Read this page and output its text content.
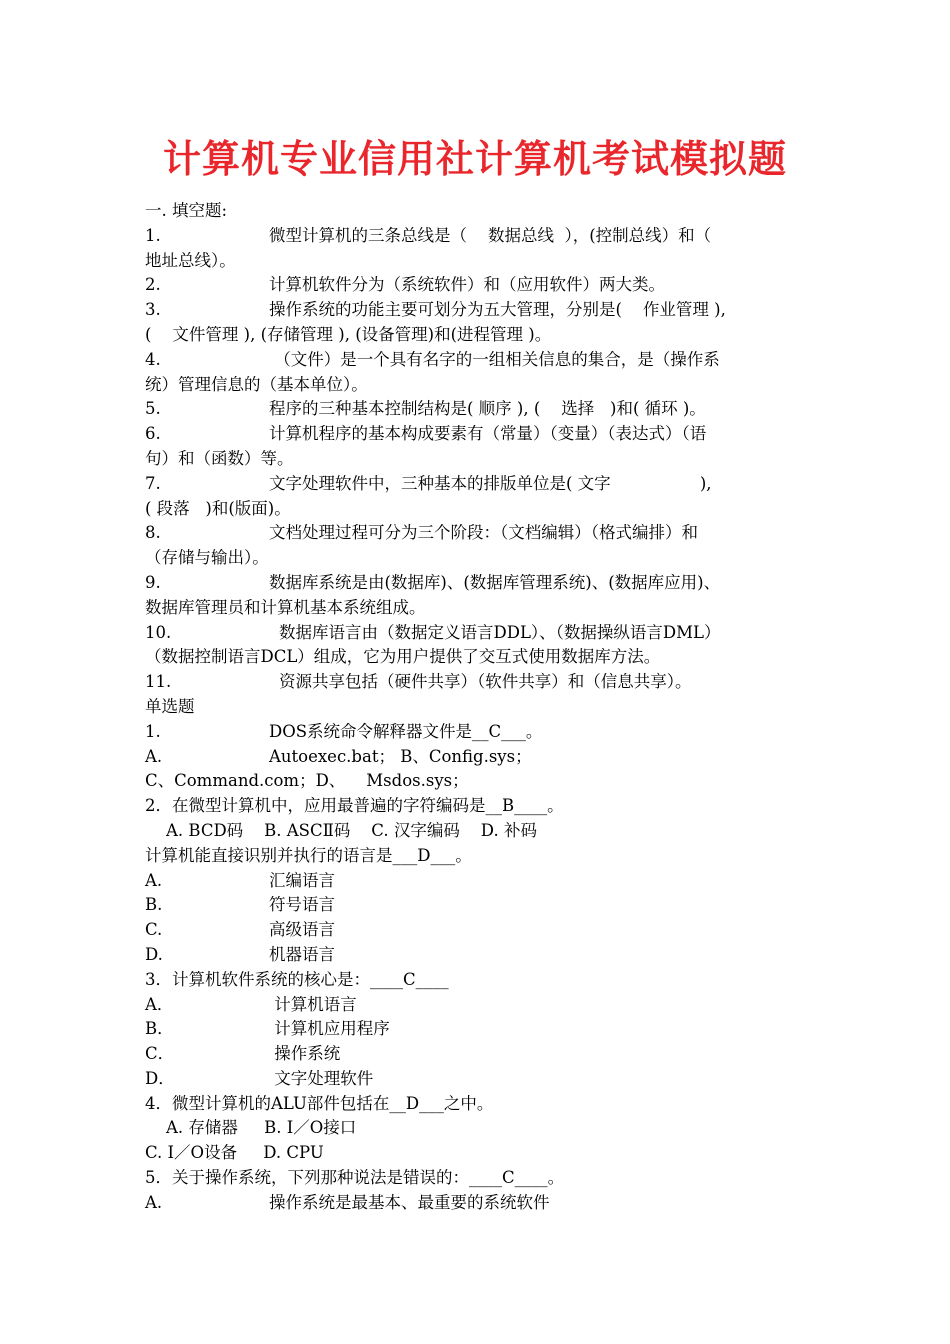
计算机专业信用社计算机考试模拟题
一. 填空题:
1.	微型计算机的三条总线是（    数据总线  ），(控制总线）和（
地址总线）。
2.	计算机软件分为（系统软件）和（应用软件）两大类。
3.	操作系统的功能主要可划分为五大管理，分别是(    作业管理 ),
(    文件管理 ), (存储管理 ), (设备管理)和(进程管理 )。
4.	（文件）是一个具有名字的一组相关信息的集合，是（操作系
统）管理信息的（基本单位）。
5.	程序的三种基本控制结构是( 顺序 ), (    选择   )和( 循环 )。
6.	计算机程序的基本构成要素有（常量）（变量）（表达式）（语
句）和（函数）等。
7.	文字处理软件中，三种基本的排版单位是( 文字                 ),
( 段落   )和(版面)。
8.	文档处理过程可分为三个阶段：（文档编辑）（格式编排）和
（存储与输出）。
9.	数据库系统是由(数据库)、(数据库管理系统)、(数据库应用)、
数据库管理员和计算机基本系统组成。
10.	数据库语言由（数据定义语言DDL）、（数据操纵语言DML）
（数据控制语言DCL）组成，它为用户提供了交互式使用数据库方法。
11.	资源共享包括（硬件共享）（软件共享）和（信息共享）。
单选题
1.	DOS系统命令解释器文件是__C___。
A.	Autoexec.bat； B、Config.sys；
C、Command.com；D、    Msdos.sys；
2．在微型计算机中，应用最普遍的字符编码是__B____。
A. BCD码    B. ASCⅡ码    C. 汉字编码    D. 补码
计算机能直接识别并执行的语言是___D___。
A.	汇编语言
B.	符号语言
C.	高级语言
D.	机器语言
3．计算机软件系统的核心是：____C____
A．	计算机语言
B．	计算机应用程序
C．	操作系统
D．	文字处理软件
4．微型计算机的ALU部件包括在__D___之中。
A. 存储器     B. I／O接口
C. I／O设备     D. CPU
5．关于操作系统，下列那种说法是错误的：____C____。
A.	操作系统是最基本、最重要的系统软件
